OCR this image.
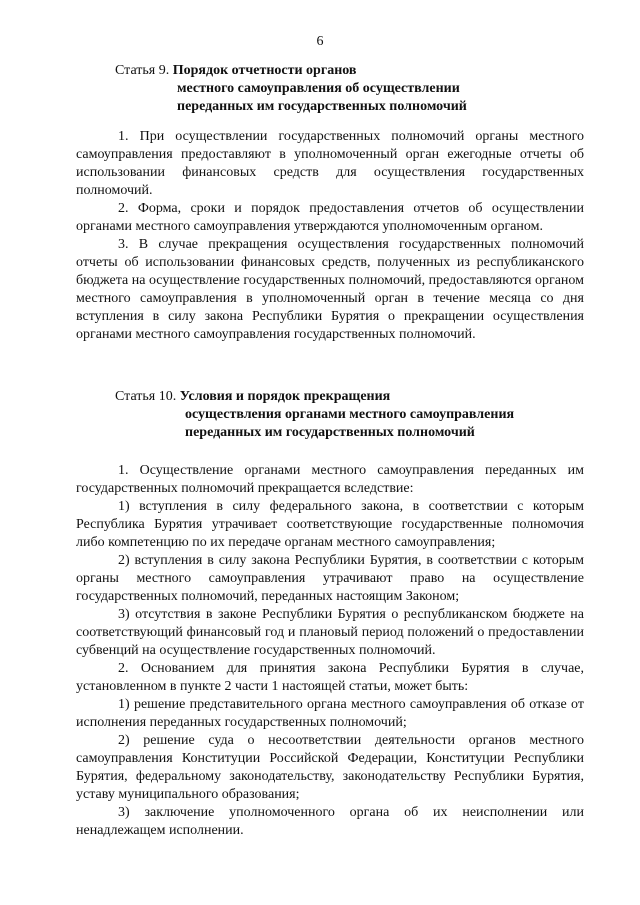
6
Статья 9. Порядок отчетности органов
местного самоуправления об осуществлении
переданных им государственных полномочий

1. При осуществлении государственных полномочий органы местного самоуправления предоставляют в уполномоченный орган ежегодные отчеты об использовании финансовых средств для осуществления государственных полномочий.

2. Форма, сроки и порядок предоставления отчетов об осуществлении органами местного самоуправления утверждаются уполномоченным органом.

3. В случае прекращения осуществления государственных полномочий отчеты об использовании финансовых средств, полученных из республиканского бюджета на осуществление государственных полномочий, предоставляются органом местного самоуправления в уполномоченный орган в течение месяца со дня вступления в силу закона Республики Бурятия о прекращении осуществления органами местного самоуправления государственных полномочий.

Статья 10. Условия и порядок прекращения
осуществления органами местного самоуправления
переданных им государственных полномочий

1. Осуществление органами местного самоуправления переданных им государственных полномочий прекращается вследствие:

1) вступления в силу федерального закона, в соответствии с которым Республика Бурятия утрачивает соответствующие государственные полномочия либо компетенцию по их передаче органам местного самоуправления;

2) вступления в силу закона Республики Бурятия, в соответствии с которым органы местного самоуправления утрачивают право на осуществление государственных полномочий, переданных настоящим Законом;

3) отсутствия в законе Республики Бурятия о республиканском бюджете на соответствующий финансовый год и плановый период положений о предоставлении субвенций на осуществление государственных полномочий.

2. Основанием для принятия закона Республики Бурятия в случае, установленном в пункте 2 части 1 настоящей статьи, может быть:

1) решение представительного органа местного самоуправления об отказе от исполнения переданных государственных полномочий;

2) решение суда о несоответствии деятельности органов местного самоуправления Конституции Российской Федерации, Конституции Республики Бурятия, федеральному законодательству, законодательству Республики Бурятия, уставу муниципального образования;

3) заключение уполномоченного органа об их неисполнении или ненадлежащем исполнении.
